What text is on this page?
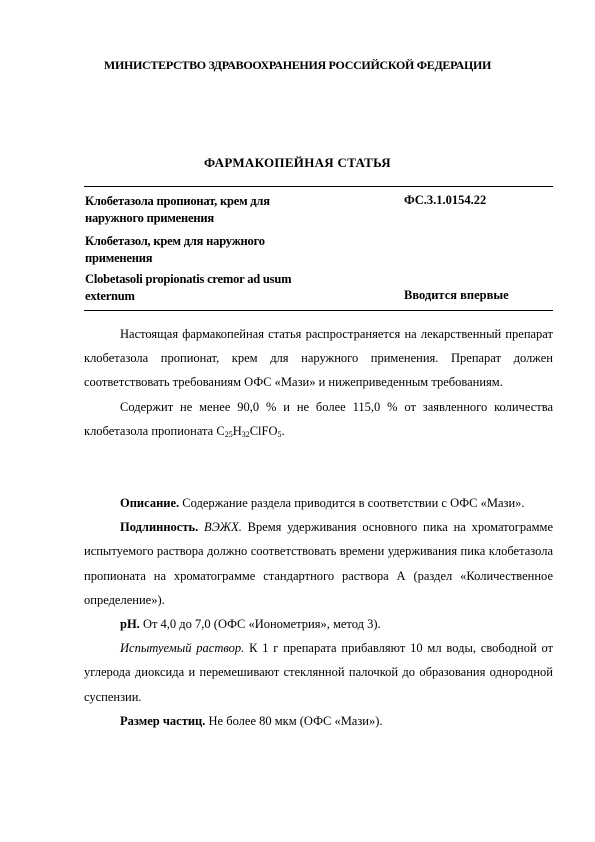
МИНИСТЕРСТВО ЗДРАВООХРАНЕНИЯ РОССИЙСКОЙ ФЕДЕРАЦИИ
ФАРМАКОПЕЙНАЯ СТАТЬЯ
Клобетазола пропионат, крем для наружного применения
Клобетазол, крем для наружного применения
Clobetasoli propionatis cremor ad usum externum
ФС.3.1.0154.22
Вводится впервые

Настоящая фармакопейная статья распространяется на лекарственный препарат клобетазола пропионат, крем для наружного применения. Препарат должен соответствовать требованиям ОФС «Мази» и нижеприведенным требованиям.

Содержит не менее 90,0 % и не более 115,0 % от заявленного количества клобетазола пропионата $C_{25}H_{32}ClFO_5$.

Описание. Содержание раздела приводится в соответствии с ОФС «Мази».

Подлинность. ВЭЖХ. Время удерживания основного пика на хроматограмме испытуемого раствора должно соответствовать времени удерживания пика клобетазола пропионата на хроматограмме стандартного раствора А (раздел «Количественное определение»).

pH. От 4,0 до 7,0 (ОФС «Ионометрия», метод 3).

Испытуемый раствор. К 1 г препарата прибавляют 10 мл воды, свободной от углерода диоксида и перемешивают стеклянной палочкой до образования однородной суспензии.

Размер частиц. Не более 80 мкм (ОФС «Мази»).
